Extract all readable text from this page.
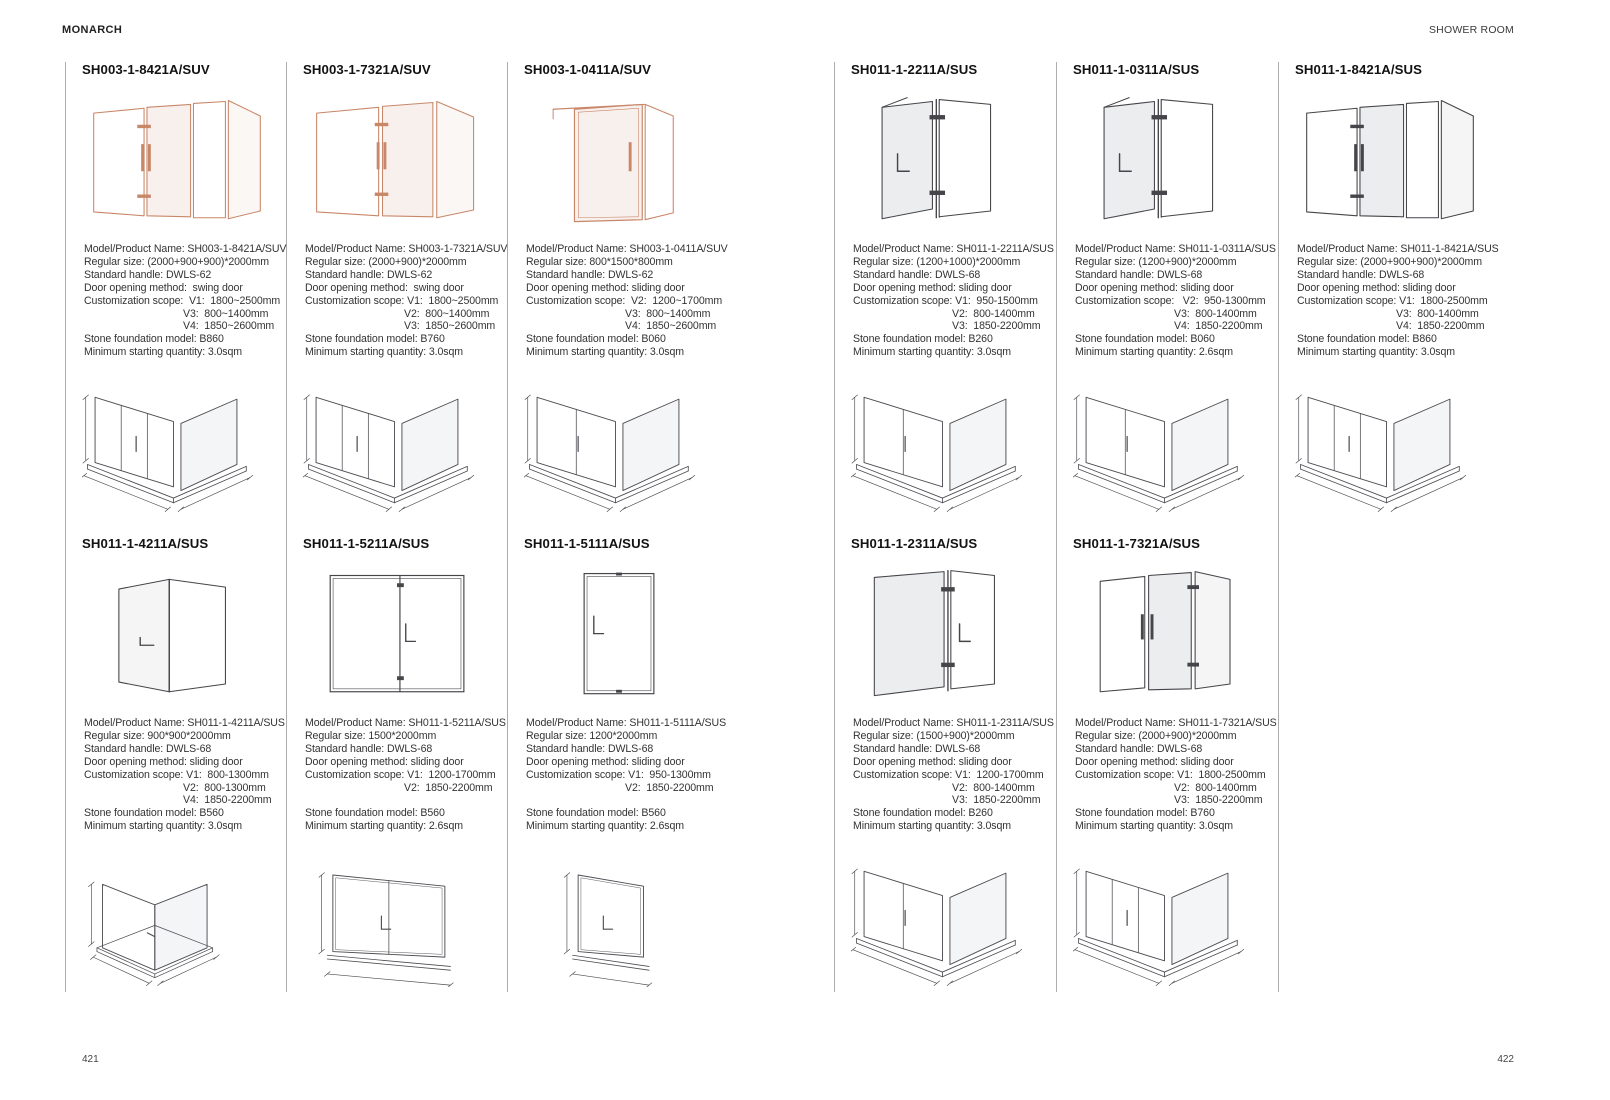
MONARCH	SHOWER ROOM
421	422
SH003-1-8421A/SUV
Model/Product Name: SH003-1-8421A/SUV
Regular size: (2000+900+900)*2000mm
Standard handle: DWLS-62
Door opening method:  swing door
Customization scope:  V1:  1800~2500mm
V3:  800~1400mm
V4:  1850~2600mm
Stone foundation model: B860
Minimum starting quantity: 3.0sqm
SH003-1-7321A/SUV
Model/Product Name: SH003-1-7321A/SUV
Regular size: (2000+900)*2000mm
Standard handle: DWLS-62
Door opening method:  swing door
Customization scope: V1:  1800~2500mm
V2:  800~1400mm
V3:  1850~2600mm
Stone foundation model: B760
Minimum starting quantity: 3.0sqm
SH003-1-0411A/SUV
Model/Product Name: SH003-1-0411A/SUV
Regular size: 800*1500*800mm
Standard handle: DWLS-62
Door opening method: sliding door
Customization scope:  V2:  1200~1700mm
V3:  800~1400mm
V4:  1850~2600mm
Stone foundation model: B060
Minimum starting quantity: 3.0sqm
SH011-1-2211A/SUS
Model/Product Name: SH011-1-2211A/SUS
Regular size: (1200+1000)*2000mm
Standard handle: DWLS-68
Door opening method: sliding door
Customization scope: V1:  950-1500mm
V2:  800-1400mm
V3:  1850-2200mm
Stone foundation model: B260
Minimum starting quantity: 3.0sqm
SH011-1-0311A/SUS
Model/Product Name: SH011-1-0311A/SUS
Regular size: (1200+900)*2000mm
Standard handle: DWLS-68
Door opening method: sliding door
Customization scope:   V2:  950-1300mm
V3:  800-1400mm
V4:  1850-2200mm
Stone foundation model: B060
Minimum starting quantity: 2.6sqm
SH011-1-8421A/SUS
Model/Product Name: SH011-1-8421A/SUS
Regular size: (2000+900+900)*2000mm
Standard handle: DWLS-68
Door opening method: sliding door
Customization scope: V1:  1800-2500mm
V3:  800-1400mm
V4:  1850-2200mm
Stone foundation model: B860
Minimum starting quantity: 3.0sqm
SH011-1-4211A/SUS
Model/Product Name: SH011-1-4211A/SUS
Regular size: 900*900*2000mm
Standard handle: DWLS-68
Door opening method: sliding door
Customization scope: V1:  800-1300mm
V2:  800-1300mm
V4:  1850-2200mm
Stone foundation model: B560
Minimum starting quantity: 3.0sqm
SH011-1-5211A/SUS
Model/Product Name: SH011-1-5211A/SUS
Regular size: 1500*2000mm
Standard handle: DWLS-68
Door opening method: sliding door
Customization scope: V1:  1200-1700mm
V2:  1850-2200mm

Stone foundation model: B560
Minimum starting quantity: 2.6sqm
SH011-1-5111A/SUS
Model/Product Name: SH011-1-5111A/SUS
Regular size: 1200*2000mm
Standard handle: DWLS-68
Door opening method: sliding door
Customization scope: V1:  950-1300mm
V2:  1850-2200mm

Stone foundation model: B560
Minimum starting quantity: 2.6sqm
SH011-1-2311A/SUS
Model/Product Name: SH011-1-2311A/SUS
Regular size: (1500+900)*2000mm
Standard handle: DWLS-68
Door opening method: sliding door
Customization scope: V1:  1200-1700mm
V2:  800-1400mm
V3:  1850-2200mm
Stone foundation model: B260
Minimum starting quantity: 3.0sqm
SH011-1-7321A/SUS
Model/Product Name: SH011-1-7321A/SUS
Regular size: (2000+900)*2000mm
Standard handle: DWLS-68
Door opening method: sliding door
Customization scope: V1:  1800-2500mm
V2:  800-1400mm
V3:  1850-2200mm
Stone foundation model: B760
Minimum starting quantity: 3.0sqm
